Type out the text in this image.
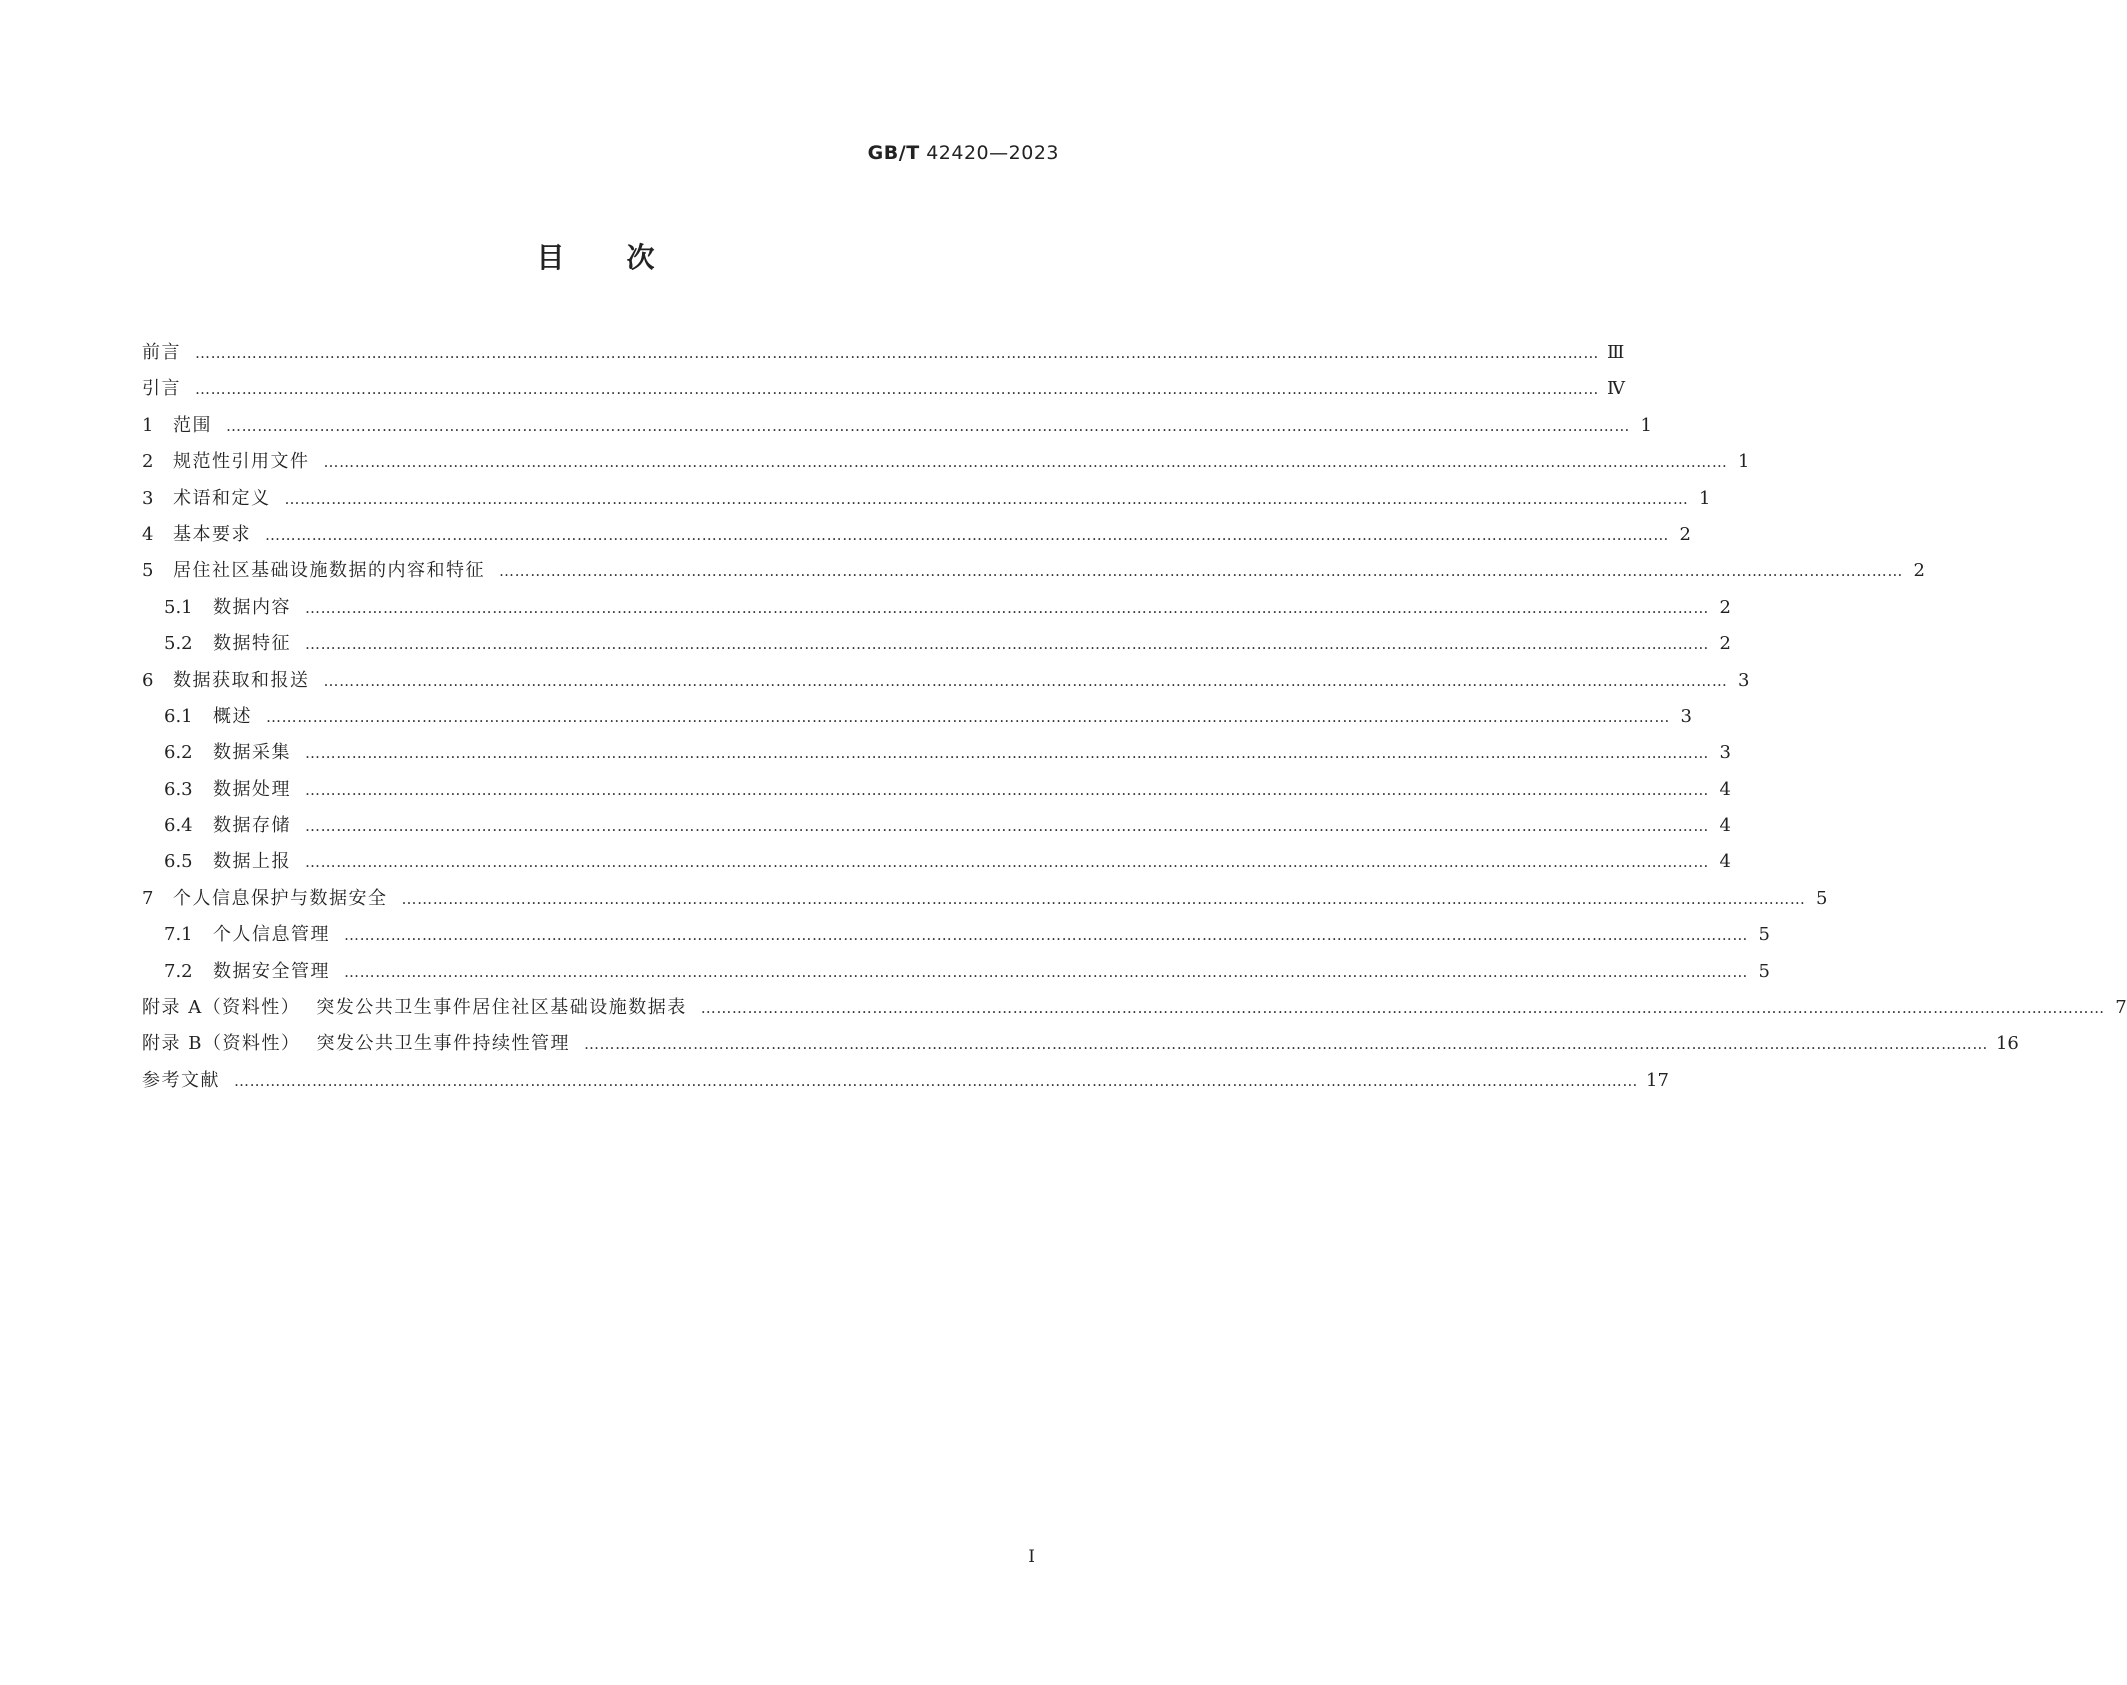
GB/T 42420—2023
目次
前言 ……………………………………………………………………………………………………………………………………………………………………………………………………………………………………………… Ⅲ
引言 ……………………………………………………………………………………………………………………………………………………………………………………………………………………………………………… Ⅳ
1	范围 ……………………………………………………………………………………………………………………………………………………………………………………………………………………………………………… 1
2	规范性引用文件 ……………………………………………………………………………………………………………………………………………………………………………………………………………………………………………… 1
3	术语和定义 ……………………………………………………………………………………………………………………………………………………………………………………………………………………………………………… 1
4	基本要求 ……………………………………………………………………………………………………………………………………………………………………………………………………………………………………………… 2
5	居住社区基础设施数据的内容和特征 ……………………………………………………………………………………………………………………………………………………………………………………………………………………………………………… 2
5.1	数据内容 ……………………………………………………………………………………………………………………………………………………………………………………………………………………………………………… 2
5.2	数据特征 ……………………………………………………………………………………………………………………………………………………………………………………………………………………………………………… 2
6	数据获取和报送 ……………………………………………………………………………………………………………………………………………………………………………………………………………………………………………… 3
6.1	概述 ……………………………………………………………………………………………………………………………………………………………………………………………………………………………………………… 3
6.2	数据采集 ……………………………………………………………………………………………………………………………………………………………………………………………………………………………………………… 3
6.3	数据处理 ……………………………………………………………………………………………………………………………………………………………………………………………………………………………………………… 4
6.4	数据存储 ……………………………………………………………………………………………………………………………………………………………………………………………………………………………………………… 4
6.5	数据上报 ……………………………………………………………………………………………………………………………………………………………………………………………………………………………………………… 4
7	个人信息保护与数据安全 ……………………………………………………………………………………………………………………………………………………………………………………………………………………………………………… 5
7.1	个人信息管理 ……………………………………………………………………………………………………………………………………………………………………………………………………………………………………………… 5
7.2	数据安全管理 ……………………………………………………………………………………………………………………………………………………………………………………………………………………………………………… 5
附录 A（资料性） 突发公共卫生事件居住社区基础设施数据表 ……………………………………………………………………………………………………………………………………………………………………………………………………………………………………………… 7
附录 B（资料性） 突发公共卫生事件持续性管理 ……………………………………………………………………………………………………………………………………………………………………………………………………………………………………………… 16
参考文献 ……………………………………………………………………………………………………………………………………………………………………………………………………………………………………………… 17
Ⅰ
